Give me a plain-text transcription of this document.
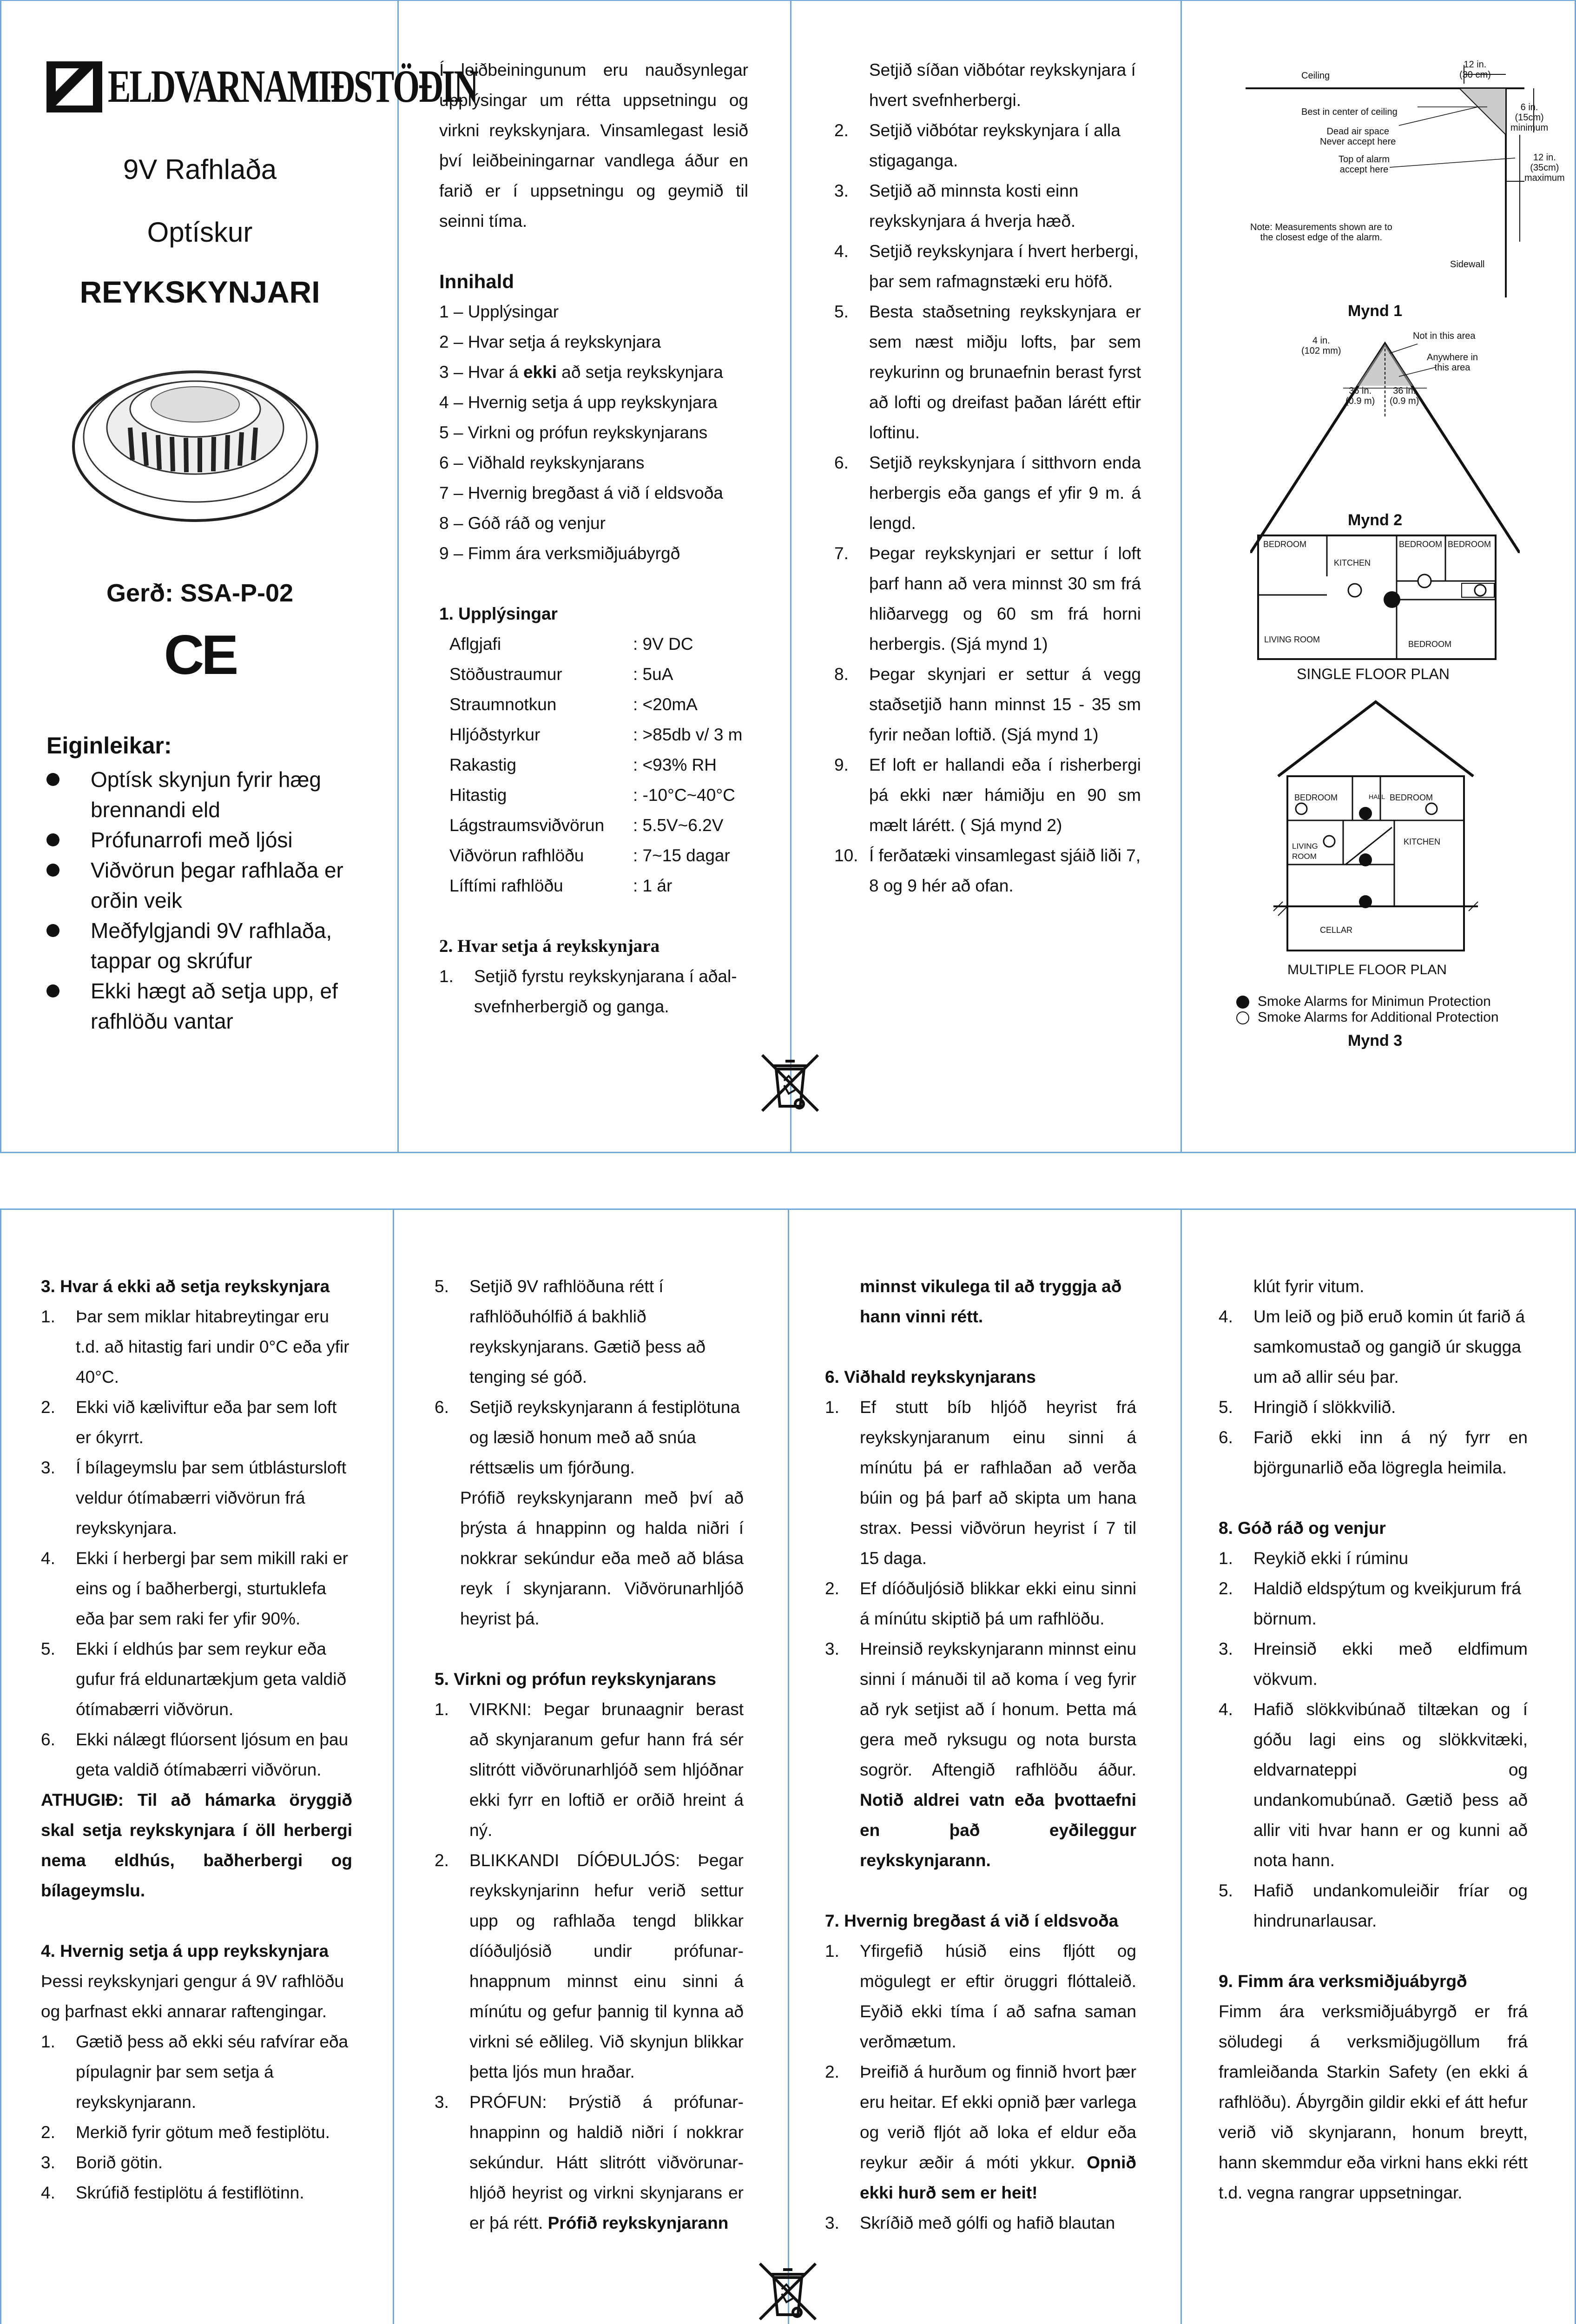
ELDVARNAMIÐSTÖÐIN
9V Rafhlaða
Optískur
REYKSKYNJARI
Gerð: SSA-P-02
CE
Eiginleikar:
Optísk skynjun fyrir hæg brennandi eld
Prófunarrofi með ljósi
Viðvörun þegar rafhlaða er orðin veik
Meðfylgjandi 9V rafhlaða, tappar og skrúfur
Ekki hægt að setja upp, ef rafhlöðu vantar

Í leiðbeiningunum eru nauðsynlegar upplýsingar um rétta uppsetningu og virkni reykskynjara. Vinsamlegast lesið því leiðbeiningarnar vandlega áður en farið er í uppsetningu og geymið til seinni tíma.

Innihald
1 – Upplýsingar
2 – Hvar setja á reykskynjara
3 – Hvar á ekki að setja reykskynjara
4 – Hvernig setja á upp reykskynjara
5 – Virkni og prófun reykskynjarans
6 – Viðhald reykskynjarans
7 – Hvernig bregðast á við í eldsvoða
8 – Góð ráð og venjur
9 – Fimm ára verksmiðjuábyrgð
1. Upplýsingar
Aflgjafi	: 9V DC
Stöðustraumur	: 5uA
Straumnotkun	: <20mA
Hljóðstyrkur	: >85db v/ 3 m
Rakastig	: <93% RH
Hitastig	: -10°C~40°C
Lágstraumsviðvörun	: 5.5V~6.2V
Viðvörun rafhlöðu	: 7~15 dagar
Líftími rafhlöðu	: 1 ár
2. Hvar setja á reykskynjara
1. Setjið fyrstu reykskynjarana í aðal-svefnherbergið og ganga.
Setjið síðan viðbótar reykskynjara í hvert svefnherbergi.
2. Setjið viðbótar reykskynjara í alla stigaganga.
3. Setjið að minnsta kosti einn reykskynjara á hverja hæð.
4. Setjið reykskynjara í hvert herbergi, þar sem rafmagnstæki eru höfð.
5. Besta staðsetning reykskynjara er sem næst miðju lofts, þar sem reykurinn og brunaefnin berast fyrst að lofti og dreifast þaðan lárétt eftir loftinu.
6. Setjið reykskynjara í sitthvorn enda herbergis eða gangs ef yfir 9 m. á lengd.
7. Þegar reykskynjari er settur í loft þarf hann að vera minnst 30 sm frá hliðarvegg og 60 sm frá horni herbergis. (Sjá mynd 1)
8. Þegar skynjari er settur á vegg staðsetjið hann minnst 15 - 35 sm fyrir neðan loftið. (Sjá mynd 1)
9. Ef loft er hallandi eða í risherbergi þá ekki nær hámiðju en 90 sm mælt lárétt. ( Sjá mynd 2)
10. Í ferðatæki vinsamlegast sjáið liði 7, 8 og 9 hér að ofan.
Ceiling
12 in.
(30 cm)
Best in center of ceiling
Dead air space
Never accept here
Top of alarm
accept here
6 in.
(15cm)
minimum
12 in.
(35cm)
maximum
Note: Measurements shown are to
the closest edge of the alarm.
Sidewall
Mynd 1
Not in this area
Anywhere in
this area
4 in.
(102 mm)
36 in.
(0.9 m)
36 in.
(0.9 m)
Mynd 2
BEDROOM
KITCHEN
BEDROOM BEDROOM
LIVING ROOM	BEDROOM
SINGLE FLOOR PLAN
BEDROOM	HALL BEDROOM
LIVING
ROOM
KITCHEN
CELLAR
MULTIPLE FLOOR PLAN
Smoke Alarms for Minimun Protection
Smoke Alarms for Additional Protection
Mynd 3
3. Hvar á ekki að setja reykskynjara
1. Þar sem miklar hitabreytingar eru t.d. að hitastig fari undir 0°C eða yfir 40°C.
2. Ekki við kæliviftur eða þar sem loft er ókyrrt.
3. Í bílageymslu þar sem útblástursloft veldur ótímabærri viðvörun frá reykskynjara.
4. Ekki í herbergi þar sem mikill raki er eins og í baðherbergi, sturtuklefa eða þar sem raki fer yfir 90%.
5. Ekki í eldhús þar sem reykur eða gufur frá eldunartækjum geta valdið ótímabærri viðvörun.
6. Ekki nálægt flúorsent ljósum en þau geta valdið ótímabærri viðvörun.

ATHUGIÐ: Til að hámarka öryggið skal setja reykskynjara í öll herbergi nema eldhús, baðherbergi og bílageymslu.

4. Hvernig setja á upp reykskynjara

Þessi reykskynjari gengur á 9V rafhlöðu og þarfnast ekki annarar raftengingar.

1. Gætið þess að ekki séu rafvírar eða pípulagnir þar sem setja á reykskynjarann.
2. Merkið fyrir götum með festiplötu.
3. Borið götin.
4. Skrúfið festiplötu á festiflötinn.
5. Setjið 9V rafhlöðuna rétt í rafhlöðuhólfið á bakhlið reykskynjarans. Gætið þess að tenging sé góð.
6. Setjið reykskynjarann á festiplötuna og læsið honum með að snúa réttsælis um fjórðung.

Prófið reykskynjarann með því að þrýsta á hnappinn og halda niðri í nokkrar sekúndur eða með að blása reyk í skynjarann. Viðvörunarhljóð heyrist þá.

5. Virkni og prófun reykskynjarans
1. VIRKNI: Þegar brunaagnir berast að skynjaranum gefur hann frá sér slitrótt viðvörunarhljóð sem hljóðnar ekki fyrr en loftið er orðið hreint á ný.
2. BLIKKANDI DÍÓÐULJÓS: Þegar reykskynjarinn hefur verið settur upp og rafhlaða tengd blikkar díóðuljósið undir prófunar-hnappnum minnst einu sinni á mínútu og gefur þannig til kynna að virkni sé eðlileg. Við skynjun blikkar þetta ljós mun hraðar.
3. PRÓFUN: Þrýstið á prófunar-hnappinn og haldið niðri í nokkrar sekúndur. Hátt slitrótt viðvörunar-hljóð heyrist og virkni skynjarans er er þá rétt. Prófið reykskynjarann
minnst vikulega til að tryggja að hann vinni rétt.
6. Viðhald reykskynjarans
1. Ef stutt bíb hljóð heyrist frá reykskynjaranum einu sinni á mínútu þá er rafhlaðan að verða búin og þá þarf að skipta um hana strax. Þessi viðvörun heyrist í 7 til 15 daga.
2. Ef díóðuljósið blikkar ekki einu sinni á mínútu skiptið þá um rafhlöðu.
3. Hreinsið reykskynjarann minnst einu sinni í mánuði til að koma í veg fyrir að ryk setjist að í honum. Þetta má gera með ryksugu og nota bursta sogrör. Aftengið rafhlöðu áður. Notið aldrei vatn eða þvottaefni en það eyðileggur reykskynjarann.
7. Hvernig bregðast á við í eldsvoða
1. Yfirgefið húsið eins fljótt og mögulegt er eftir öruggri flóttaleið. Eyðið ekki tíma í að safna saman verðmætum.
2. Þreifið á hurðum og finnið hvort þær eru heitar. Ef ekki opnið þær varlega og verið fljót að loka ef eldur eða reykur æðir á móti ykkur. Opnið ekki hurð sem er heit!
3. Skríðið með gólfi og hafið blautan
klút fyrir vitum.
4. Um leið og þið eruð komin út farið á samkomustað og gangið úr skugga um að allir séu þar.
5. Hringið í slökkvilið.
6. Farið ekki inn á ný fyrr en björgunarlið eða lögregla heimila.
8. Góð ráð og venjur
1. Reykið ekki í rúminu
2. Haldið eldspýtum og kveikjurum frá börnum.
3. Hreinsið ekki með eldfimum vökvum.
4. Hafið slökkvibúnað tiltækan og í góðu lagi eins og slökkvitæki, eldvarnateppi og undankomubúnað. Gætið þess að allir viti hvar hann er og kunni að nota hann.
5. Hafið undankomuleiðir fríar og hindrunarlausar.
9. Fimm ára verksmiðjuábyrgð

Fimm ára verksmiðjuábyrgð er frá söludegi á verksmiðjugöllum frá framleiðanda Starkin Safety (en ekki á rafhlöðu). Ábyrgðin gildir ekki ef átt hefur verið við skynjarann, honum breytt, hann skemmdur eða virkni hans ekki rétt t.d. vegna rangrar uppsetningar.
